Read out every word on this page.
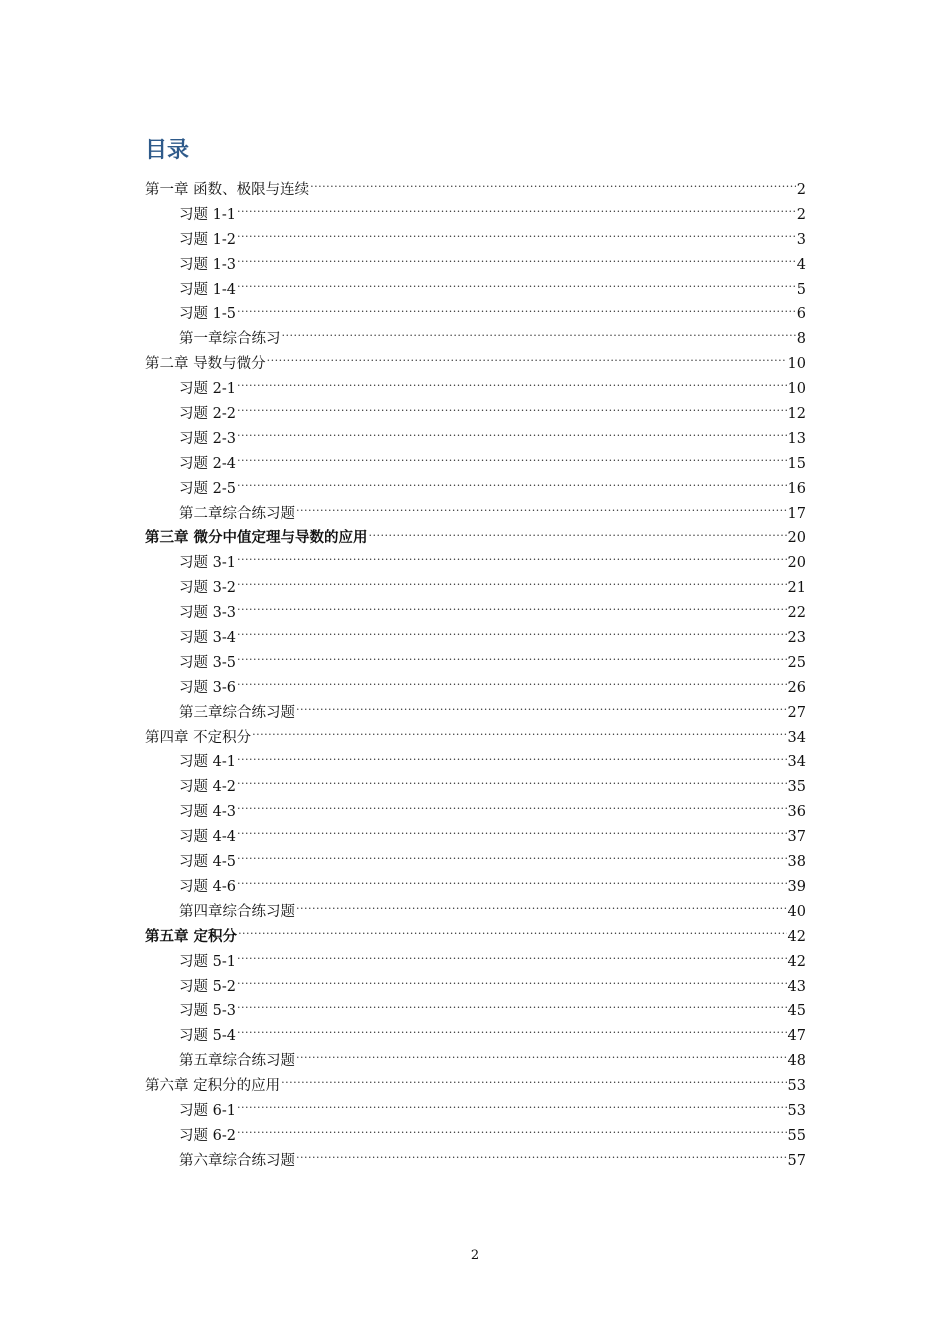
目录
第一章 函数、极限与连续 .....	2
习题 1-1 .....	2
习题 1-2 .....	3
习题 1-3 .....	4
习题 1-4 .....	5
习题 1-5 .....	6
第一章综合练习 .....	8
第二章 导数与微分 .....	10
习题 2-1 .....	10
习题 2-2 .....	12
习题 2-3 .....	13
习题 2-4 .....	15
习题 2-5 .....	16
第二章综合练习题 .....	17
第三章 微分中值定理与导数的应用 .....	20
习题 3-1 .....	20
习题 3-2 .....	21
习题 3-3 .....	22
习题 3-4 .....	23
习题 3-5 .....	25
习题 3-6 .....	26
第三章综合练习题 .....	27
第四章 不定积分 .....	34
习题 4-1 .....	34
习题 4-2 .....	35
习题 4-3 .....	36
习题 4-4 .....	37
习题 4-5 .....	38
习题 4-6 .....	39
第四章综合练习题 .....	40
第五章 定积分 .....	42
习题 5-1 .....	42
习题 5-2 .....	43
习题 5-3 .....	45
习题 5-4 .....	47
第五章综合练习题 .....	48
第六章 定积分的应用 .....	53
习题 6-1 .....	53
习题 6-2 .....	55
第六章综合练习题 .....	57
2
